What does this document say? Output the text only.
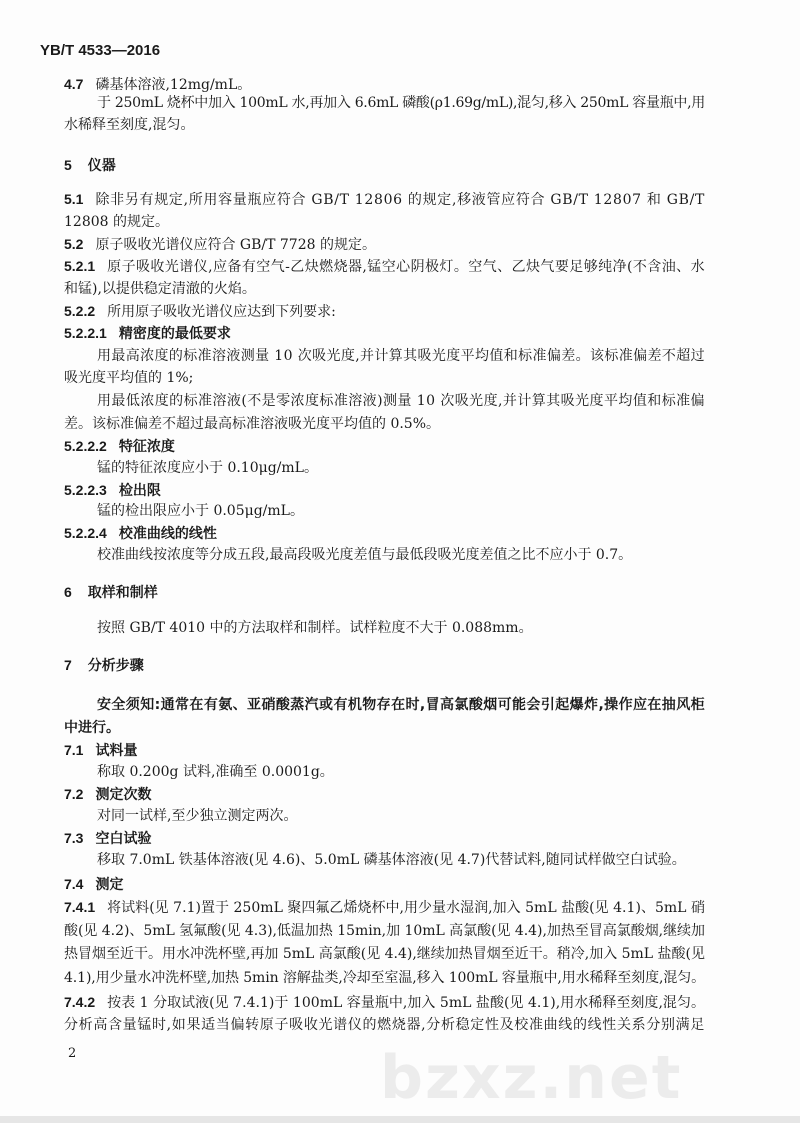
YB/T 4533—2016
4.7 磷基体溶液,12mg/mL。
于 250mL 烧杯中加入 100mL 水,再加入 6.6mL 磷酸(ρ1.69g/mL),混匀,移入 250mL 容量瓶中,用
水稀释至刻度,混匀。
5 仪器
5.1 除非另有规定,所用容量瓶应符合 GB/T 12806 的规定,移液管应符合 GB/T 12807 和 GB/T
12808 的规定。
5.2 原子吸收光谱仪应符合 GB/T 7728 的规定。
5.2.1 原子吸收光谱仪,应备有空气-乙炔燃烧器,锰空心阴极灯。空气、乙炔气要足够纯净(不含油、水
和锰),以提供稳定清澈的火焰。
5.2.2 所用原子吸收光谱仪应达到下列要求:
5.2.2.1 精密度的最低要求
用最高浓度的标准溶液测量 10 次吸光度,并计算其吸光度平均值和标准偏差。该标准偏差不超过
吸光度平均值的 1%;
用最低浓度的标准溶液(不是零浓度标准溶液)测量 10 次吸光度,并计算其吸光度平均值和标准偏
差。该标准偏差不超过最高标准溶液吸光度平均值的 0.5%。
5.2.2.2 特征浓度
锰的特征浓度应小于 0.10μg/mL。
5.2.2.3 检出限
锰的检出限应小于 0.05μg/mL。
5.2.2.4 校准曲线的线性
校准曲线按浓度等分成五段,最高段吸光度差值与最低段吸光度差值之比不应小于 0.7。
6 取样和制样
按照 GB/T 4010 中的方法取样和制样。试样粒度不大于 0.088mm。
7 分析步骤
安全须知:通常在有氨、亚硝酸蒸汽或有机物存在时,冒高氯酸烟可能会引起爆炸,操作应在抽风柜
中进行。
7.1 试料量
称取 0.200g 试料,准确至 0.0001g。
7.2 测定次数
对同一试样,至少独立测定两次。
7.3 空白试验
移取 7.0mL 铁基体溶液(见 4.6)、5.0mL 磷基体溶液(见 4.7)代替试料,随同试样做空白试验。
7.4 测定
7.4.1 将试料(见 7.1)置于 250mL 聚四氟乙烯烧杯中,用少量水湿润,加入 5mL 盐酸(见 4.1)、5mL 硝
酸(见 4.2)、5mL 氢氟酸(见 4.3),低温加热 15min,加 10mL 高氯酸(见 4.4),加热至冒高氯酸烟,继续加
热冒烟至近干。用水冲洗杯壁,再加 5mL 高氯酸(见 4.4),继续加热冒烟至近干。稍冷,加入 5mL 盐酸(见
4.1),用少量水冲洗杯壁,加热 5min 溶解盐类,冷却至室温,移入 100mL 容量瓶中,用水稀释至刻度,混匀。
7.4.2 按表 1 分取试液(见 7.4.1)于 100mL 容量瓶中,加入 5mL 盐酸(见 4.1),用水稀释至刻度,混匀。
分析高含量锰时,如果适当偏转原子吸收光谱仪的燃烧器,分析稳定性及校准曲线的线性关系分别满足
bzxz.net
2
